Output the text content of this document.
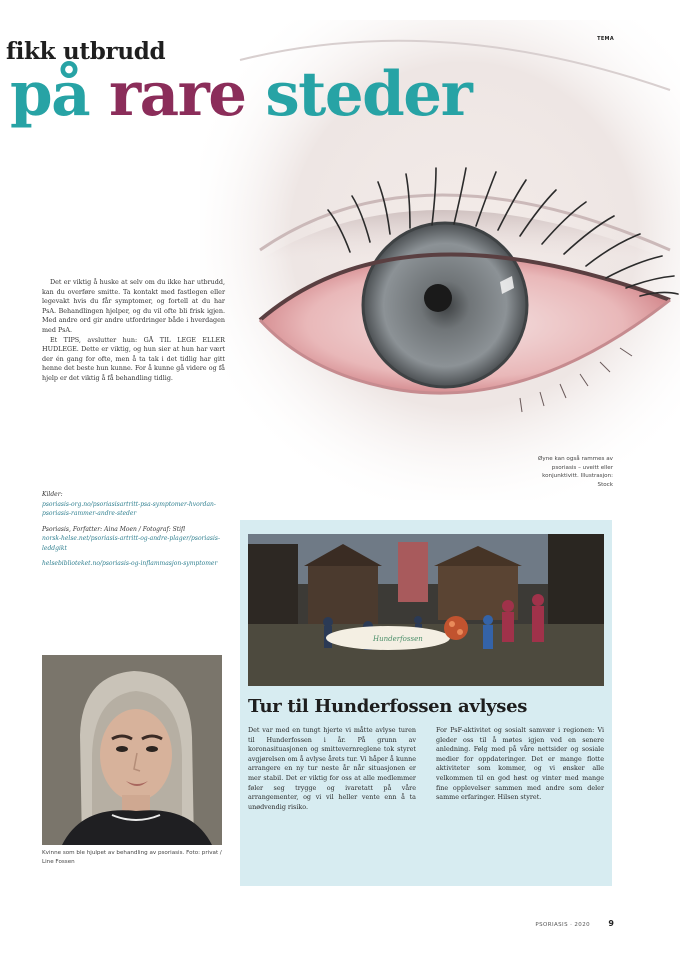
TEMA
fikk utbrudd
på rare steder

Det er viktig å huske at selv om du ikke har utbrudd, kan du overføre smitte. Ta kontakt med fastlegen eller legevakt hvis du får symptomer, og fortell at du har PsA. Behandlingen hjelper, og du vil ofte bli frisk igjen. Med andre ord gir andre utfordringer både i hverdagen med PsA.

Et TIPS, avslutter hun: GÅ TIL LEGE ELLER HUDLEGE. Dette er viktig, og hun sier at hun har vært der én gang for ofte, men å ta tak i det tidlig har gitt henne det beste hun kunne. For å kunne gå videre og få hjelp er det viktig å få behandling tidlig.

Kilder:
psoriasis-org.no/psoriasisartritt-psa-symptomer-hvordan-psoriasis-rammer-andre-steder
Psoriasis, Forfatter: Aina Moen / Fotograf: Stifl
norsk-helse.net/psoriasis-artritt-og-andre-plager/psoriasis-leddgikt
helsebiblioteket.no/psoriasis-og-inflammasjon-symptomer
Kvinne som ble hjulpet av behandling av psoriasis. Foto: privat / Line Fossen
Øyne kan også rammes av psoriasis – uveitt eller konjunktivitt. Illustrasjon: Stock
Hunderfossen
Tur til Hunderfossen avlyses
Det var med en tungt hjerte vi måtte avlyse turen til Hunderfossen i år. På grunn av koronasituasjonen og smittevernreglene tok styret avgjørelsen om å avlyse årets tur. Vi håper å kunne arrangere en ny tur neste år når situasjonen er mer stabil. Det er viktig for oss at alle medlemmer føler seg trygge og ivaretatt på våre arrangementer, og vi vil heller vente enn å ta unødvendig risiko.
For PsF-aktivitet og sosialt samvær i regionen: Vi gleder oss til å møtes igjen ved en senere anledning. Følg med på våre nettsider og sosiale medier for oppdateringer. Det er mange flotte aktiviteter som kommer, og vi ønsker alle velkommen til en god høst og vinter med mange fine opplevelser sammen med andre som deler samme erfaringer. Hilsen styret.
PSORIASIS · 2020 9
